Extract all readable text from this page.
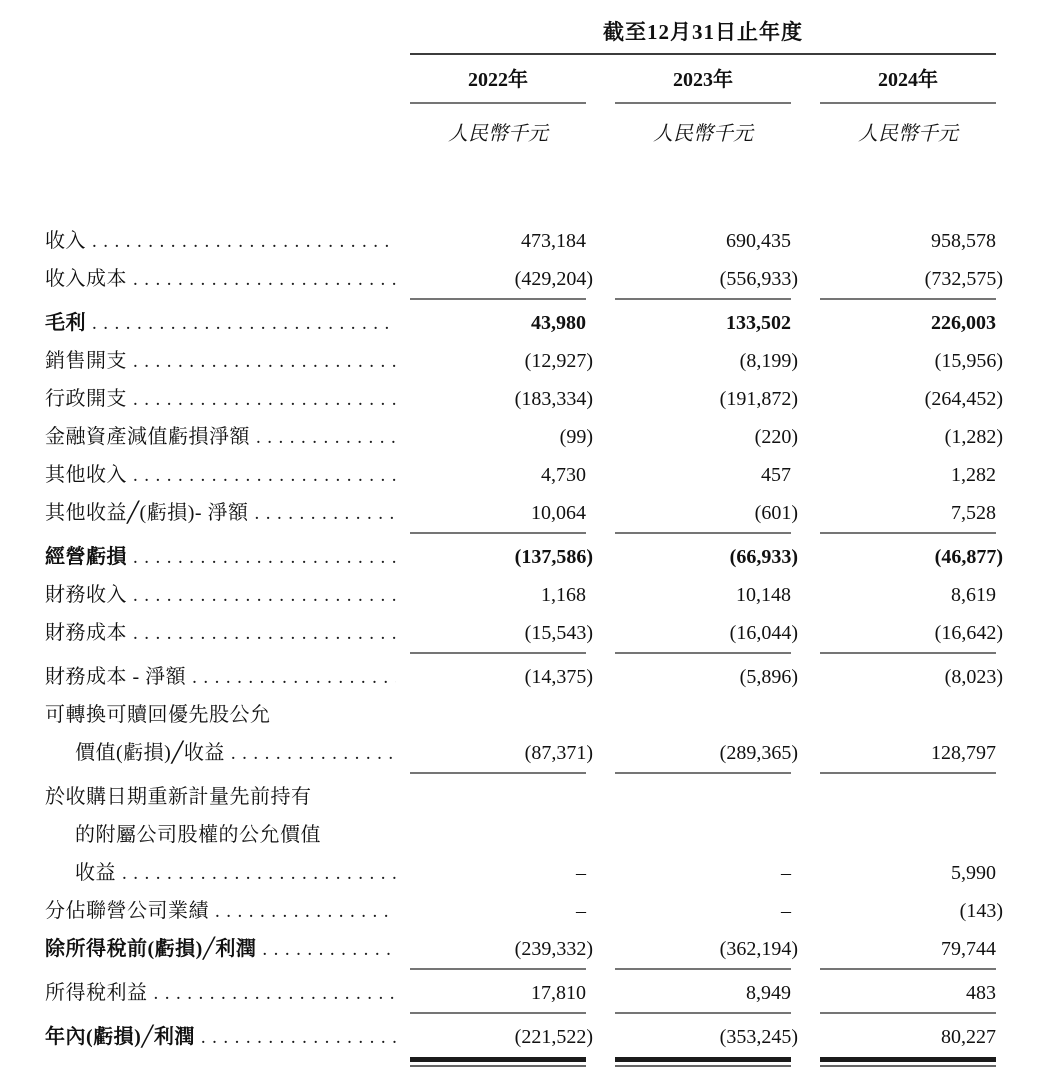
截至12月31日止年度
2022年	2023年	2024年
人民幣千元	人民幣千元	人民幣千元
收入 .....	473,184	690,435	958,578
收入成本 .....	(429,204)	(556,933)	(732,575)
毛利 .....	43,980	133,502	226,003
銷售開支 .....	(12,927)	(8,199)	(15,956)
行政開支 .....	(183,334)	(191,872)	(264,452)
金融資產減值虧損淨額 .....	(99)	(220)	(1,282)
其他收入 .....	4,730	457	1,282
其他收益╱(虧損)- 淨額 .....	10,064	(601)	7,528
經營虧損 .....	(137,586)	(66,933)	(46,877)
財務收入 .....	1,168	10,148	8,619
財務成本 .....	(15,543)	(16,044)	(16,642)
財務成本 - 淨額 .....	(14,375)	(5,896)	(8,023)
可轉換可贖回優先股公允
價值(虧損)╱收益 .....	(87,371)	(289,365)	128,797
於收購日期重新計量先前持有
的附屬公司股權的公允價值
收益 .....	–	–	5,990
分佔聯營公司業績 .....	–	–	(143)
除所得稅前(虧損)╱利潤 .....	(239,332)	(362,194)	79,744
所得稅利益 .....	17,810	8,949	483
年內(虧損)╱利潤 .....	(221,522)	(353,245)	80,227
